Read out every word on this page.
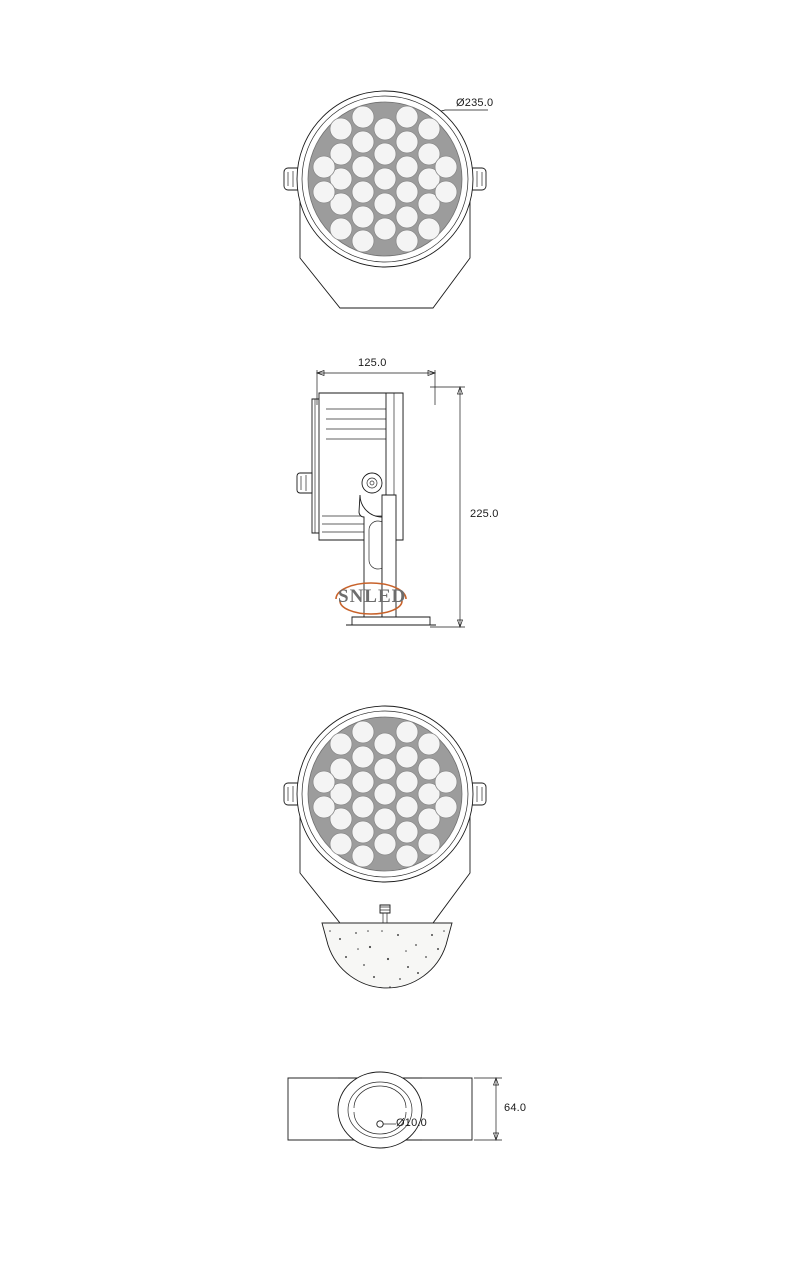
Ø235.0
125.0
225.0
SNLED
Ø10.0
64.0
